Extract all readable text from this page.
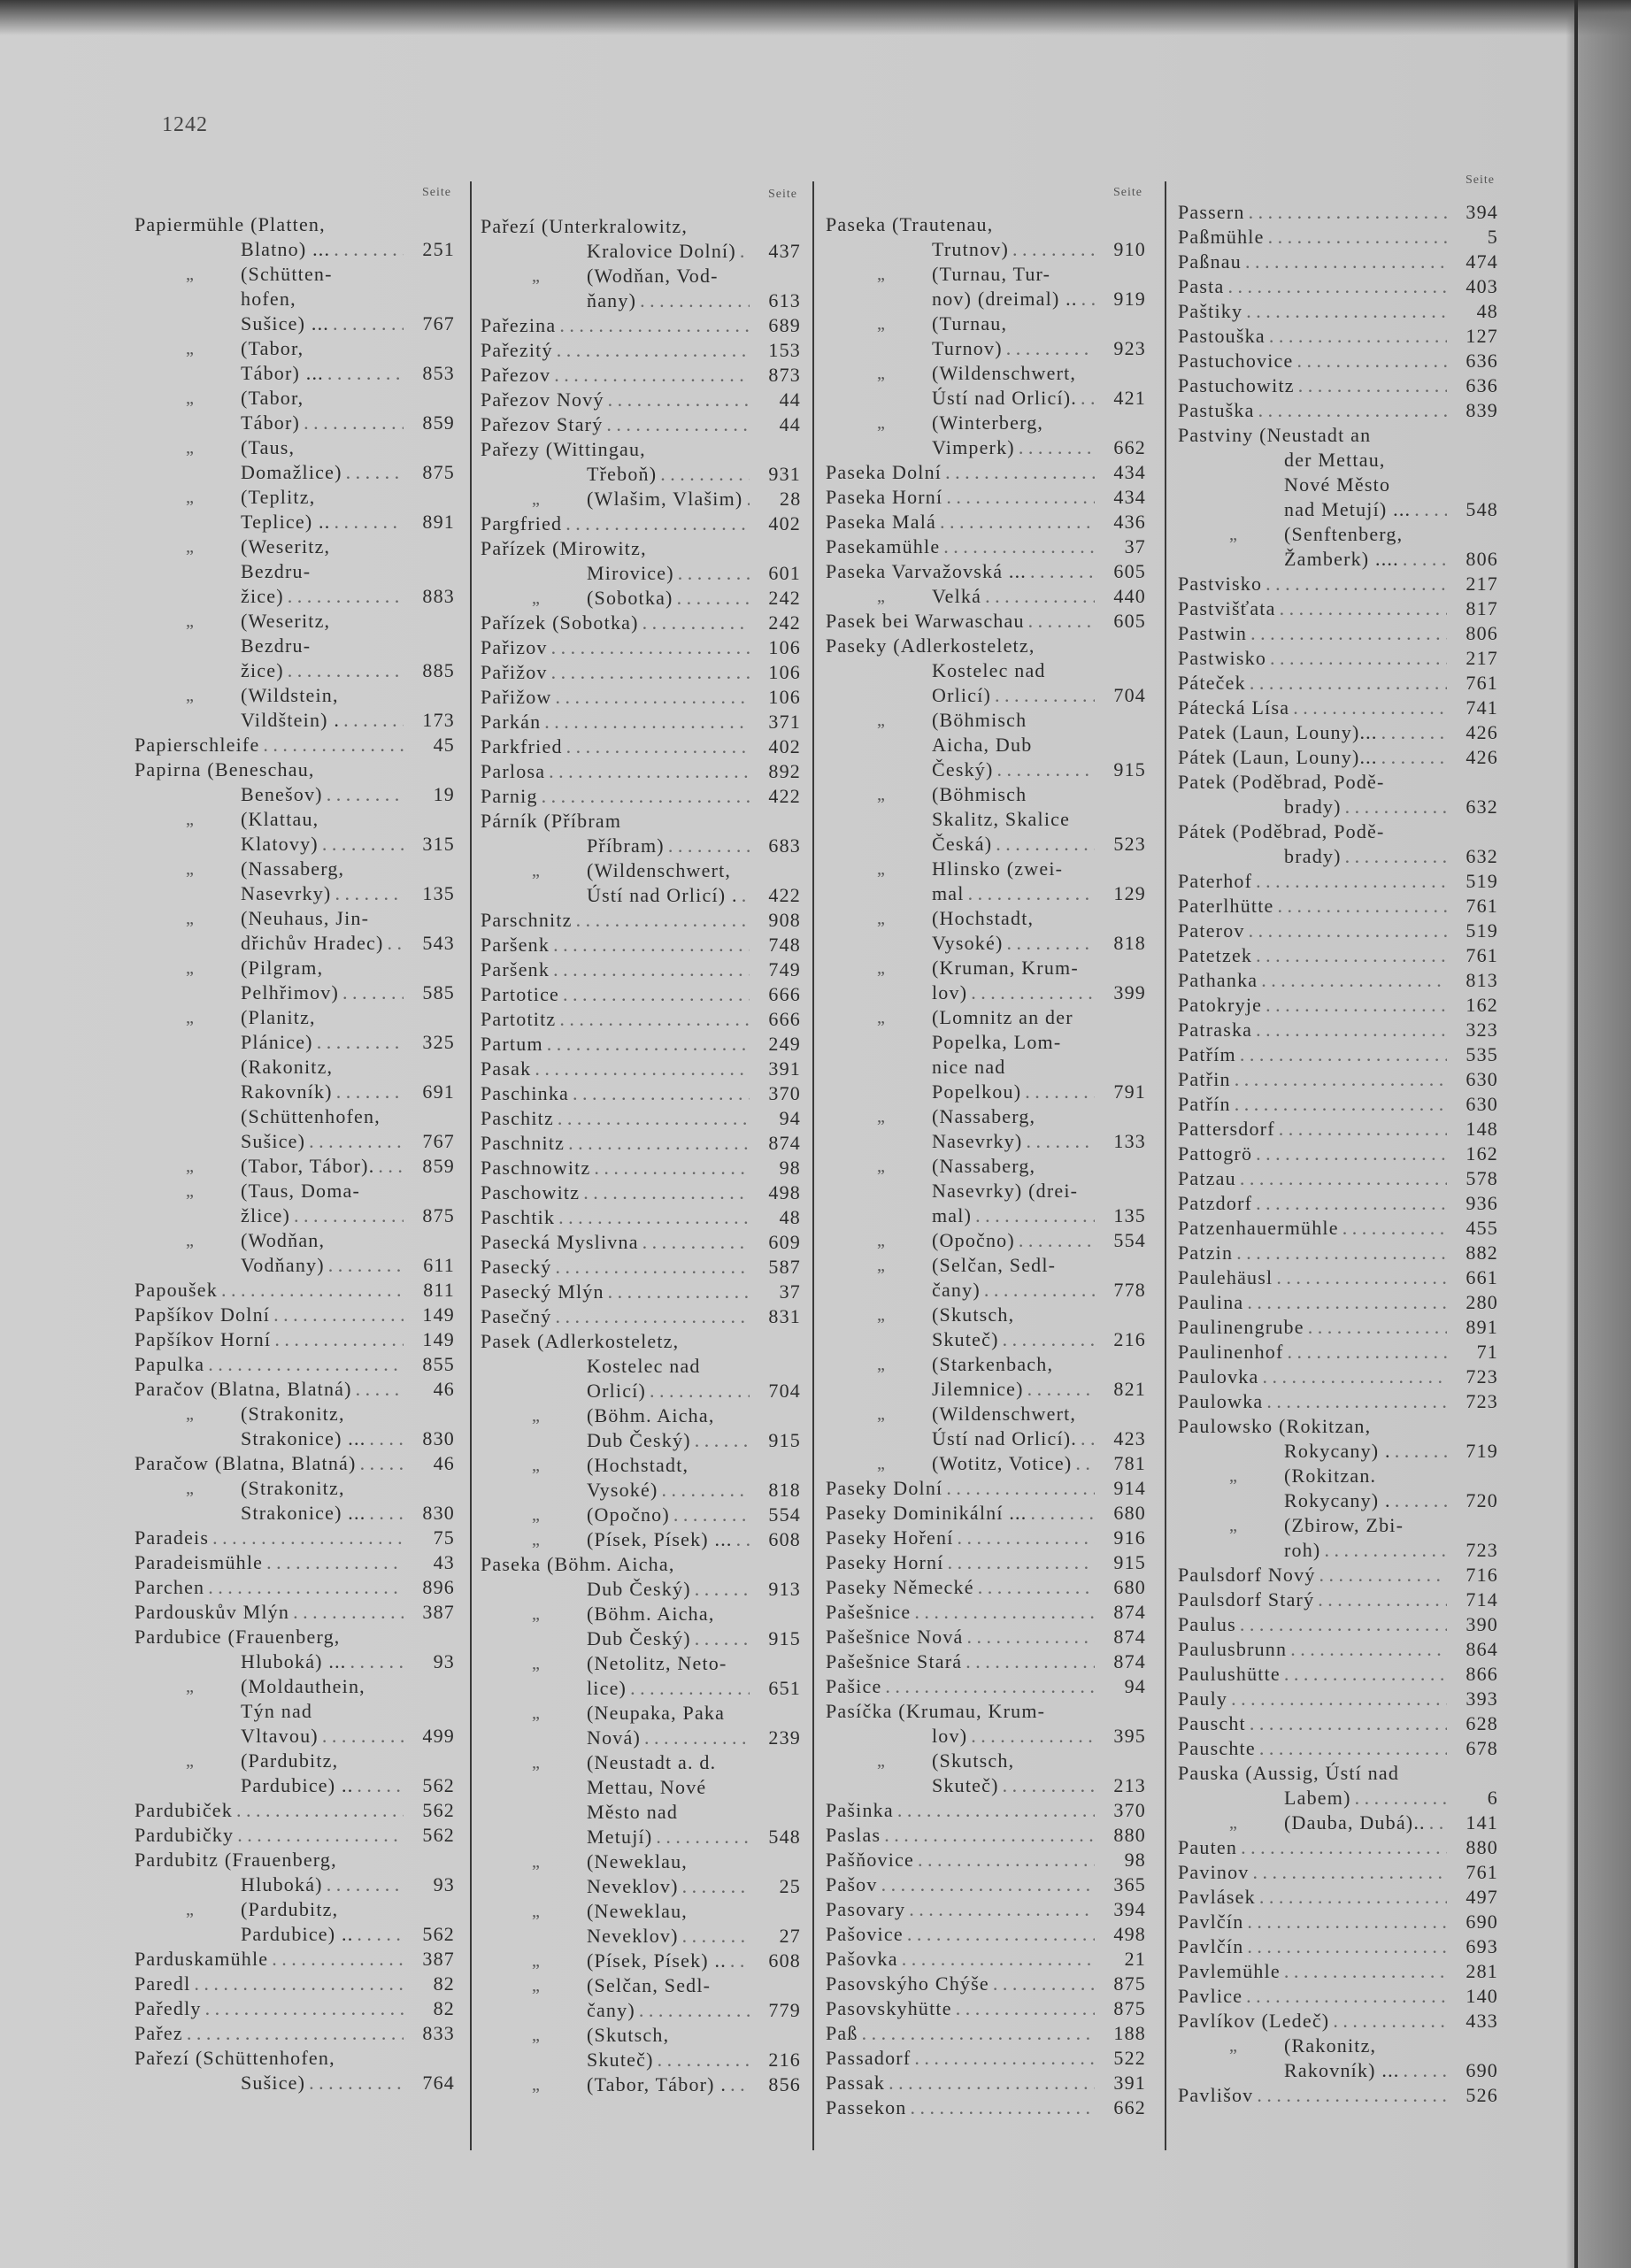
1242
Seite
Papiermühle (Platten,
Blatno) ... . . .	251
„	(Schütten-
hofen,
Sušice) ... . . .	767
„	(Tabor,
Tábor) ... . . .	853
„	(Tabor,
Tábor) . . .	859
„	(Taus,
Domažlice) . . .	875
„	(Teplitz,
Teplice) .. . . .	891
„	(Weseritz,
Bezdru-
žice) . . .	883
„	(Weseritz,
Bezdru-
žice) . . .	885
„	(Wildstein,
Vildštein) . . . .	173
Papierschleife . . .	45
Papirna (Beneschau,
Benešov) . . .	19
„	(Klattau,
Klatovy) . . .	315
„	(Nassaberg,
Nasevrky) . . .	135
„	(Neuhaus, Jin-
dřichův Hradec) . . .	543
„	(Pilgram,
Pelhřimov) . . .	585
„	(Planitz,
Plánice) . . .	325
(Rakonitz,
Rakovník) . . .	691
(Schüttenhofen,
Sušice) . . .	767
„ (Tabor, Tábor). . . .	859
„	(Taus, Doma-
žlice) . . .	875
„	(Wodňan,
Vodňany) . . .	611
Papoušek . . .	811
Papšíkov Dolní . . .	149
Papšíkov Horní . . .	149
Papulka . . .	855
Paračov (Blatna, Blatná) . . .	46
„	(Strakonitz,
Strakonice) ... . . .	830
Paračow (Blatna, Blatná) . . .	46
„	(Strakonitz,
Strakonice) ... . . .	830
Paradeis . . .	75
Paradeismühle . . .	43
Parchen . . .	896
Pardouskův Mlýn . . .	387
Pardubice (Frauenberg,
Hluboká) ... . . .	93
„	(Moldauthein,
Týn nad
Vltavou) . . .	499
„	(Pardubitz,
Pardubice) .. . . .	562
Pardubiček . . .	562
Pardubičky . . .	562
Pardubitz (Frauenberg,
Hluboká) . . .	93
„	(Pardubitz,
Pardubice) .. . . .	562
Parduskamühle . . .	387
Paredl . . .	82
Paředly . . .	82
Pařez . . .	833
Pařezí (Schüttenhofen,
Sušice) . . .	764
Seite
Pařezí (Unterkralowitz,
Kralovice Dolní) . . .	437
„	(Wodňan, Vod-
ňany) . . .	613
Pařezina . . .	689
Pařezitý . . .	153
Pařezov . . .	873
Pařezov Nový . . .	44
Pařezov Starý . . .	44
Pařezy (Wittingau,
Třeboň) . . .	931
„ (Wlašim, Vlašim) . . .	28
Pargfried . . .	402
Pařízek (Mirowitz,
Mirovice) . . .	601
„ (Sobotka) . . .	242
Pařízek (Sobotka) . . .	242
Pařizov . . .	106
Pařižov . . .	106
Pařižow . . .	106
Parkán . . .	371
Parkfried . . .	402
Parlosa . . .	892
Parnig . . .	422
Párník (Příbram
Příbram) . . .	683
„	(Wildenschwert,
Ústí nad Orlicí) . . . .	422
Parschnitz . . .	908
Paršenk . . .	748
Paršenk . . .	749
Partotice . . .	666
Partotitz . . .	666
Partum . . .	249
Pasak . . .	391
Paschinka . . .	370
Paschitz . . .	94
Paschnitz . . .	874
Paschnowitz . . .	98
Paschowitz . . .	498
Paschtik . . .	48
Pasecká Myslivna . . .	609
Pasecký . . .	587
Pasecký Mlýn . . .	37
Pasečný . . .	831
Pasek (Adlerkosteletz,
Kostelec nad
Orlicí) . . .	704
„	(Böhm. Aicha,
Dub Český) . . .	915
„	(Hochstadt,
Vysoké) . . .	818
„ (Opočno) . . .	554
„ (Písek, Písek) ... . . .	608
Paseka (Böhm. Aicha,
Dub Český) . . .	913
„	(Böhm. Aicha,
Dub Český) . . .	915
„	(Netolitz, Neto-
lice) . . .	651
„	(Neupaka, Paka
Nová) . . .	239
„	(Neustadt a. d.
Mettau, Nové
Město nad
Metují) . . .	548
„	(Neweklau,
Neveklov) . . .	25
„	(Neweklau,
Neveklov) . . .	27
„ (Písek, Písek) .. . . .	608
„	(Selčan, Sedl-
čany) . . .	779
„	(Skutsch,
Skuteč) . . .	216
„ (Tabor, Tábor) . . . .	856
Seite
Paseka (Trautenau,
Trutnov) . . .	910
„	(Turnau, Tur-
nov) (dreimal) .. . . .	919
„	(Turnau,
Turnov) . . .	923
„	(Wildenschwert,
Ústí nad Orlicí). . . .	421
„	(Winterberg,
Vimperk) . . .	662
Paseka Dolní . . .	434
Paseka Horní . . .	434
Paseka Malá . . .	436
Pasekamühle . . .	37
Paseka Varvažovská ... . . .	605
„ Velká . . .	440
Pasek bei Warwaschau . . .	605
Paseky (Adlerkosteletz,
Kostelec nad
Orlicí) . . .	704
„	(Böhmisch
Aicha, Dub
Český) . . .	915
„	(Böhmisch
Skalitz, Skalice
Česká) . . .	523
„	Hlinsko (zwei-
mal . . .	129
„	(Hochstadt,
Vysoké) . . .	818
„	(Kruman, Krum-
lov) . . .	399
„	(Lomnitz an der
Popelka, Lom-
nice nad
Popelkou) . . .	791
„	(Nassaberg,
Nasevrky) . . .	133
„	(Nassaberg,
Nasevrky) (drei-
mal) . . .	135
„ (Opočno) . . .	554
„	(Selčan, Sedl-
čany) . . .	778
„	(Skutsch,
Skuteč) . . .	216
„	(Starkenbach,
Jilemnice) . . .	821
„	(Wildenschwert,
Ústí nad Orlicí). . . .	423
„ (Wotitz, Votice) . . .	781
Paseky Dolní . . .	914
Paseky Dominikální ... . . .	680
Paseky Hoření . . .	916
Paseky Horní . . .	915
Paseky Německé . . .	680
Pašešnice . . .	874
Pašešnice Nová . . .	874
Pašešnice Stará . . .	874
Pašice . . .	94
Pasíčka (Krumau, Krum-
lov) . . .	395
„	(Skutsch,
Skuteč) . . .	213
Pašinka . . .	370
Paslas . . .	880
Pašňovice . . .	98
Pašov . . .	365
Pasovary . . .	394
Pašovice . . .	498
Pašovka . . .	21
Pasovskýho Chýše . . .	875
Pasovskyhütte . . .	875
Paß . . .	188
Passadorf . . .	522
Passak . . .	391
Passekon . . .	662
Seite
Passern . . .	394
Paßmühle . . .	5
Paßnau . . .	474
Pasta . . .	403
Paštiky . . .	48
Pastouška . . .	127
Pastuchovice . . .	636
Pastuchowitz . . .	636
Pastuška . . .	839
Pastviny (Neustadt an
der Mettau,
Nové Město
nad Metují) ... . . .	548
„	(Senftenberg,
Žamberk) .... . . .	806
Pastvisko . . .	217
Pastvišťata . . .	817
Pastwin . . .	806
Pastwisko . . .	217
Páteček . . .	761
Pátecká Lísa . . .	741
Patek (Laun, Louny)... . . .	426
Pátek (Laun, Louny)... . . .	426
Patek (Poděbrad, Podě-
brady) . . .	632
Pátek (Poděbrad, Podě-
brady) . . .	632
Paterhof . . .	519
Paterlhütte . . .	761
Paterov . . .	519
Patetzek . . .	761
Pathanka . . .	813
Patokryje . . .	162
Patraska . . .	323
Patřím . . .	535
Patřin . . .	630
Patřín . . .	630
Pattersdorf . . .	148
Pattogrö . . .	162
Patzau . . .	578
Patzdorf . . .	936
Patzenhauermühle . . .	455
Patzin . . .	882
Paulehäusl . . .	661
Paulina . . .	280
Paulinengrube . . .	891
Paulinenhof . . .	71
Paulovka . . .	723
Paulowka . . .	723
Paulowsko (Rokitzan,
Rokycany) . . . .	719
„	(Rokitzan.
Rokycany) . . . .	720
„	(Zbirow, Zbi-
roh) . . .	723
Paulsdorf Nový . . .	716
Paulsdorf Starý . . .	714
Paulus . . .	390
Paulusbrunn . . .	864
Paulushütte . . .	866
Pauly . . .	393
Pauscht . . .	628
Pauschte . . .	678
Pauska (Aussig, Ústí nad
Labem) . . .	6
„ (Dauba, Dubá).. . . .	141
Pauten . . .	880
Pavinov . . .	761
Pavlásek . . .	497
Pavlčín . . .	690
Pavlčín . . .	693
Pavlemühle . . .	281
Pavlice . . .	140
Pavlíkov (Ledeč) . . .	433
„	(Rakonitz,
Rakovník) ... . . .	690
Pavlišov . . .	526
